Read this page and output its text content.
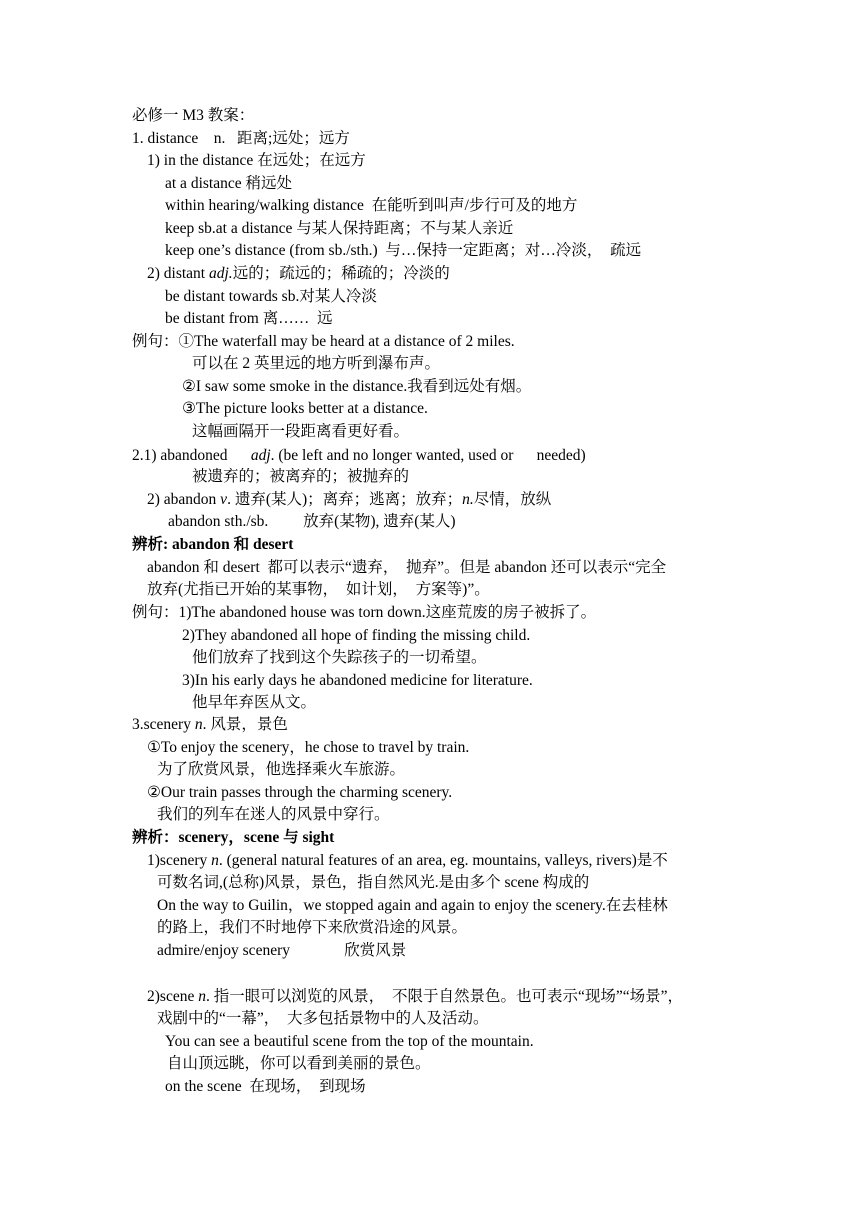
必修一 M3 教案：

1. distance    n.   距离;远处；远方

1) in the distance 在远处；在远方

at a distance 稍远处

within hearing/walking distance  在能听到叫声/步行可及的地方

keep sb.at a distance 与某人保持距离；不与某人亲近

keep one’s distance (from sb./sth.)  与…保持一定距离；对…冷淡，  疏远

2) distant adj.远的；疏远的；稀疏的；冷淡的

be distant towards sb.对某人冷淡

be distant from 离……  远

例句：①The waterfall may be heard at a distance of 2 miles.

可以在 2 英里远的地方听到瀑布声。

②I saw some smoke in the distance.我看到远处有烟。

③The picture looks better at a distance.

这幅画隔开一段距离看更好看。

2.1) abandoned      adj. (be left and no longer wanted, used or      needed)

被遗弃的；被离弃的；被抛弃的

2) abandon v. 遗弃(某人)；离弃；逃离；放弃；n.尽情，放纵

abandon sth./sb.         放弃(某物), 遗弃(某人)

辨析: abandon 和 desert

abandon 和 desert  都可以表示“遗弃，  抛弃”。但是 abandon 还可以表示“完全

放弃(尤指已开始的某事物，  如计划，  方案等)”。

例句：1)The abandoned house was torn down.这座荒废的房子被拆了。

2)They abandoned all hope of finding the missing child.

他们放弃了找到这个失踪孩子的一切希望。

3)In his early days he abandoned medicine for literature.

他早年弃医从文。

3.scenery n. 风景，景色

①To enjoy the scenery，he chose to travel by train.

为了欣赏风景，他选择乘火车旅游。

②Our train passes through the charming scenery.

我们的列车在迷人的风景中穿行。

辨析：scenery，scene 与 sight

1)scenery n. (general natural features of an area, eg. mountains, valleys, rivers)是不

可数名词,(总称)风景，景色，指自然风光.是由多个 scene 构成的

On the way to Guilin，we stopped again and again to enjoy the scenery.在去桂林

的路上，我们不时地停下来欣赏沿途的风景。

admire/enjoy scenery              欣赏风景

2)scene n. 指一眼可以浏览的风景，  不限于自然景色。也可表示“现场”“场景”，

戏剧中的“一幕”，  大多包括景物中的人及活动。

You can see a beautiful scene from the top of the mountain.

自山顶远眺，你可以看到美丽的景色。

on the scene  在现场，  到现场
